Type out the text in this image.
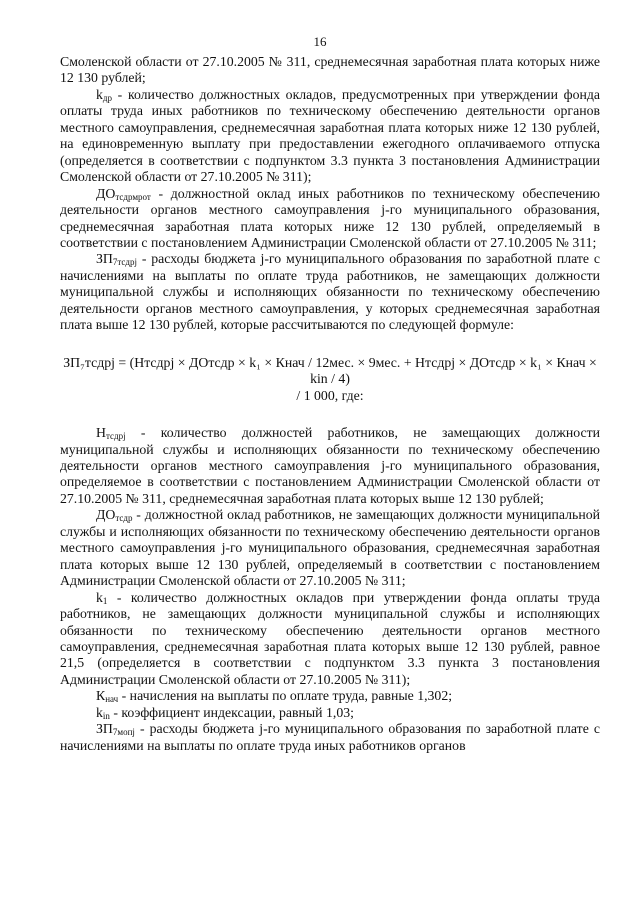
16

Смоленской области от 27.10.2005 № 311, среднемесячная заработная плата которых ниже 12 130 рублей;

$k_{др}$ - количество должностных окладов, предусмотренных при утверждении фонда оплаты труда иных работников по техническому обеспечению деятельности органов местного самоуправления, среднемесячная заработная плата которых ниже 12 130 рублей, на единовременную выплату при предоставлении ежегодного оплачиваемого отпуска (определяется в соответствии с подпунктом 3.3 пункта 3 постановления Администрации Смоленской области от 27.10.2005 № 311);

$ДО_{тсдрмрот}$ - должностной оклад иных работников по техническому обеспечению деятельности органов местного самоуправления j-го муниципального образования, среднемесячная заработная плата которых ниже 12 130 рублей, определяемый в соответствии с постановлением Администрации Смоленской области от 27.10.2005 № 311;

$ЗП_{7тсдрj}$ - расходы бюджета j-го муниципального образования по заработной плате с начислениями на выплаты по оплате труда работников, не замещающих должности муниципальной службы и исполняющих обязанности по техническому обеспечению деятельности органов местного самоуправления, у которых среднемесячная заработная плата выше 12 130 рублей, которые рассчитываются по следующей формуле:

ЗП₇тсдрj = (Нтсдрj × ДОтсдр × k₁ × Кнач / 12мес. × 9мес. + Нтсдрj × ДОтсдр × k₁ × Кнач × kin / 4)
/ 1 000, где:

$Н_{тсдрj}$ - количество должностей работников, не замещающих должности муниципальной службы и исполняющих обязанности по техническому обеспечению деятельности органов местного самоуправления j-го муниципального образования, определяемое в соответствии с постановлением Администрации Смоленской области от 27.10.2005 № 311, среднемесячная заработная плата которых выше 12 130 рублей;

$ДО_{тсдр}$ - должностной оклад работников, не замещающих должности муниципальной службы и исполняющих обязанности по техническому обеспечению деятельности органов местного самоуправления j-го муниципального образования, среднемесячная заработная плата которых выше 12 130 рублей, определяемый в соответствии с постановлением Администрации Смоленской области от 27.10.2005 № 311;

$k_1$ - количество должностных окладов при утверждении фонда оплаты труда работников, не замещающих должности муниципальной службы и исполняющих обязанности по техническому обеспечению деятельности органов местного самоуправления, среднемесячная заработная плата которых выше 12 130 рублей, равное 21,5 (определяется в соответствии с подпунктом 3.3 пункта 3 постановления Администрации Смоленской области от 27.10.2005 № 311);

$К_{нач}$ - начисления на выплаты по оплате труда, равные 1,302;

$k_{in}$ - коэффициент индексации, равный 1,03;

$ЗП_{7мопj}$ - расходы бюджета j-го муниципального образования по заработной плате с начислениями на выплаты по оплате труда иных работников органов
